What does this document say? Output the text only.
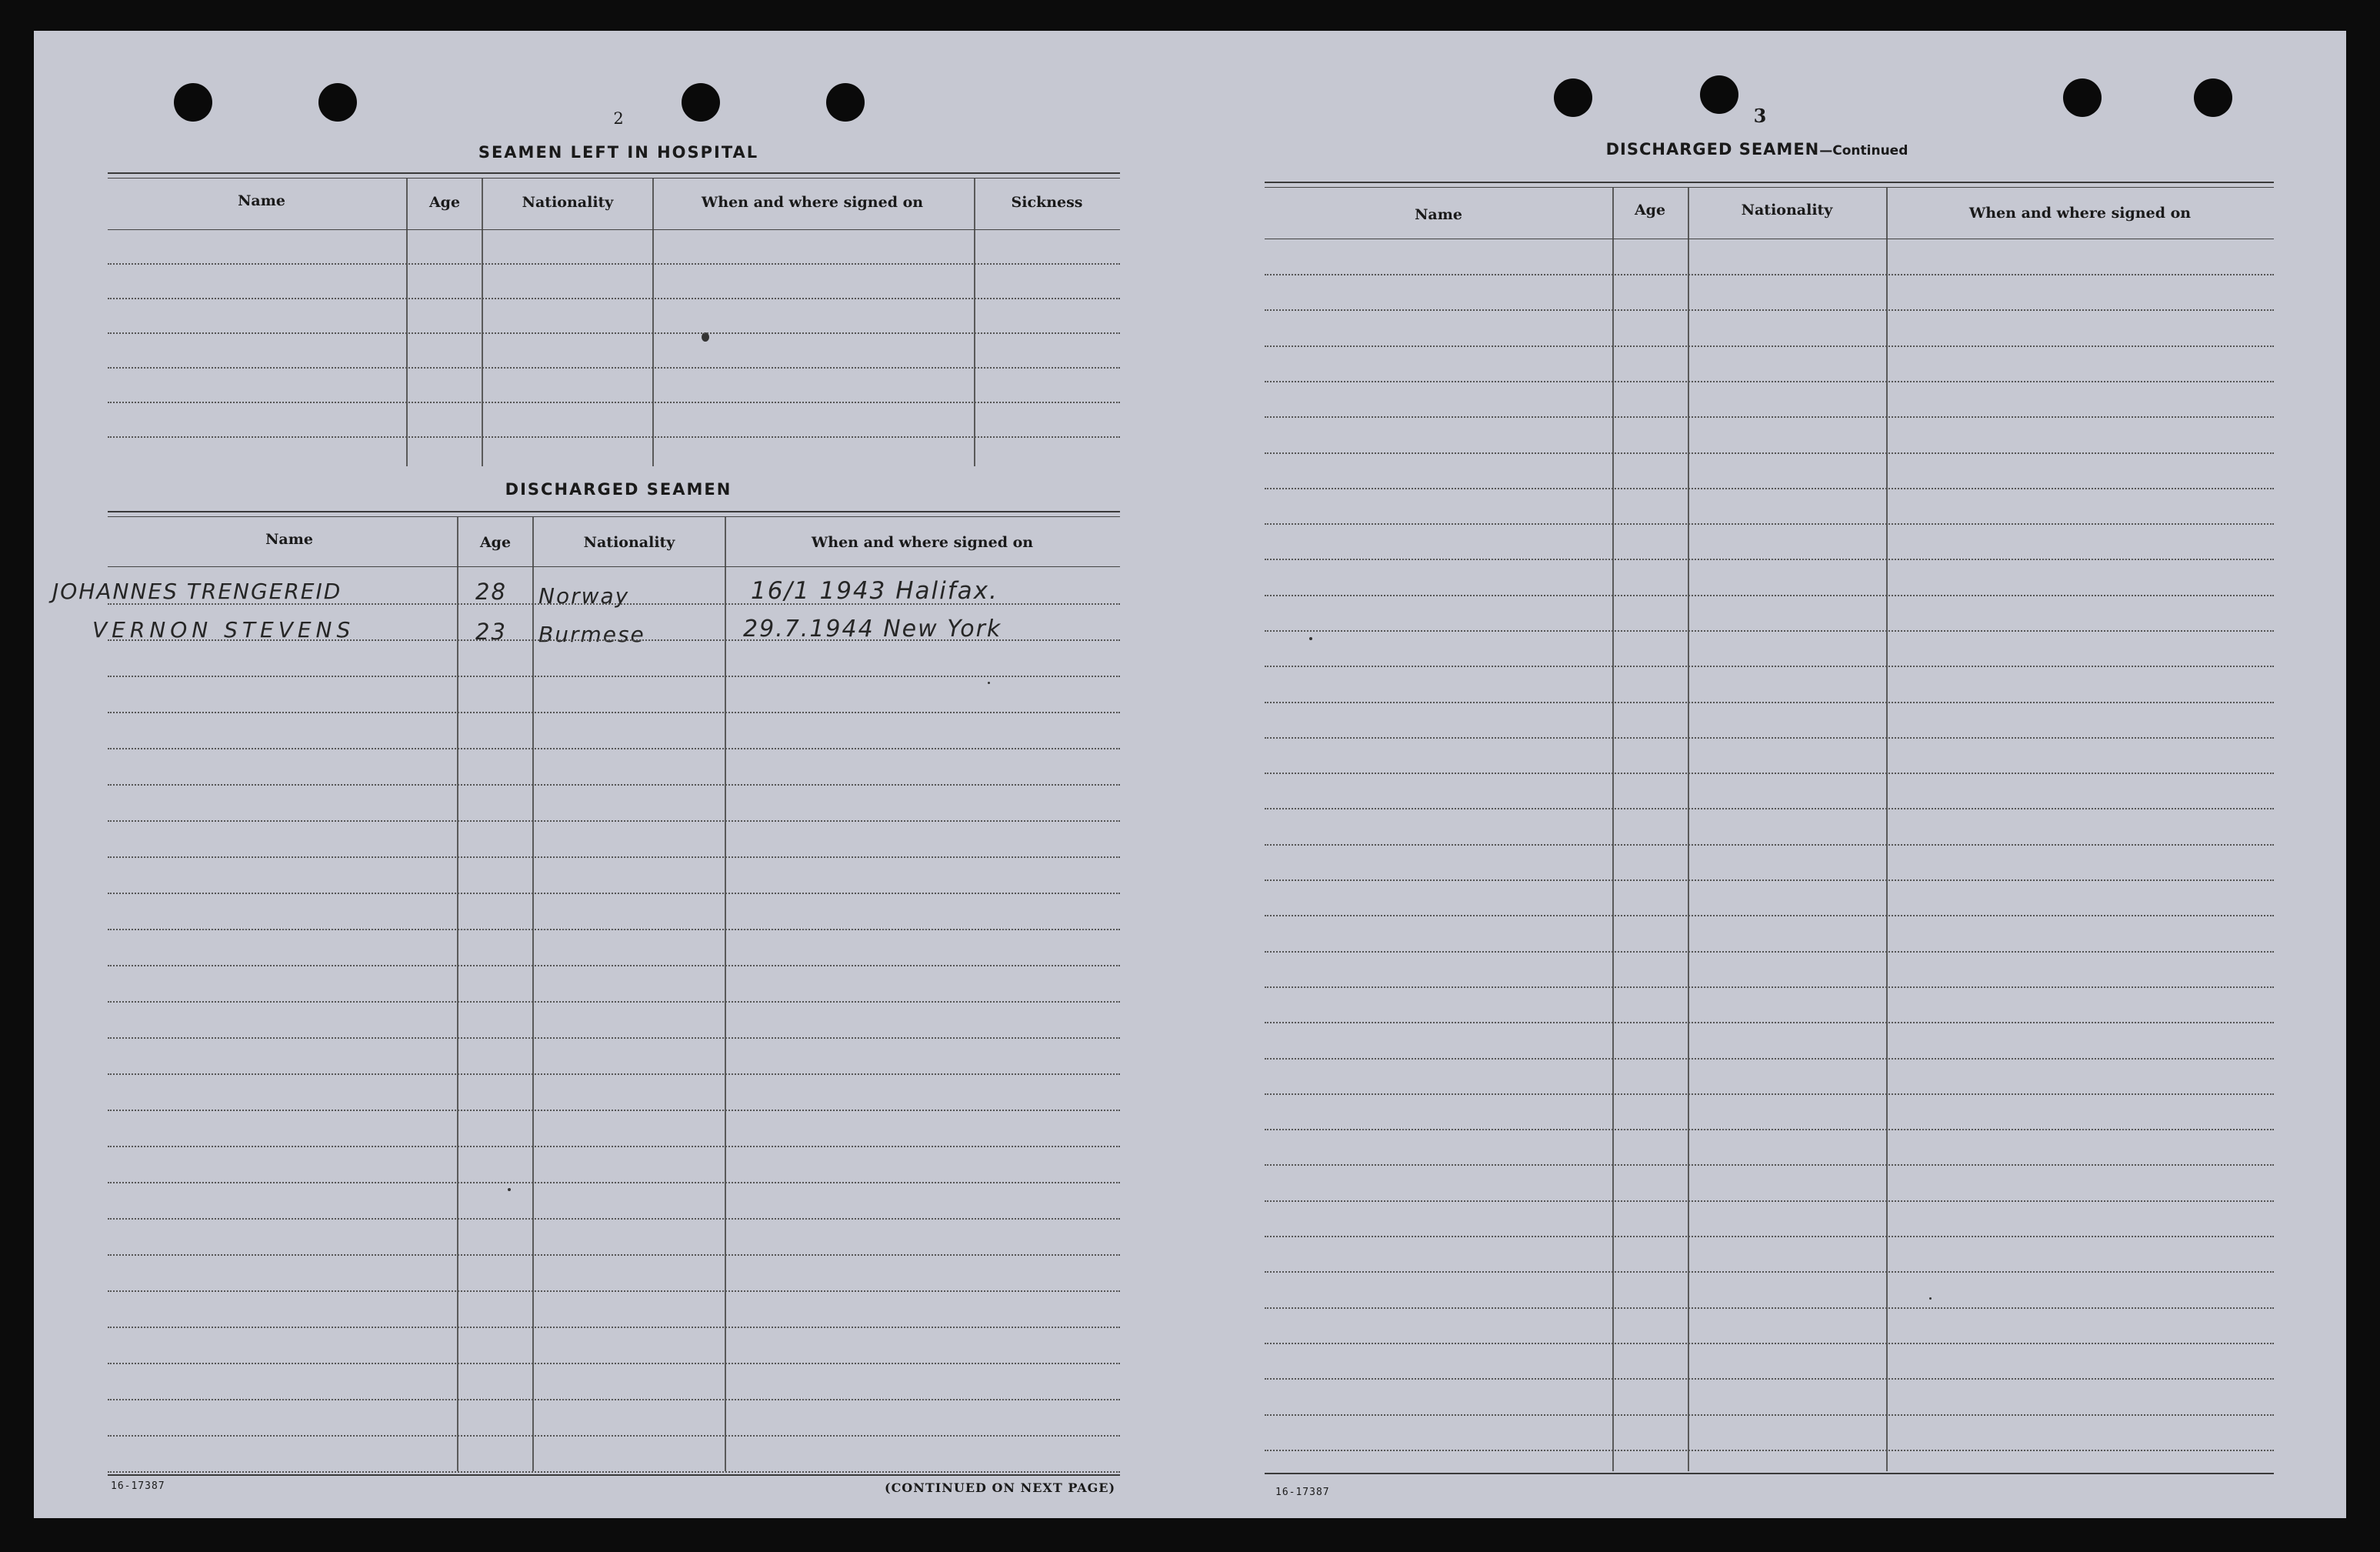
2
SEAMEN LEFT IN HOSPITAL
Name	Age	Nationality	When and where signed on	Sickness
DISCHARGED SEAMEN
Name	Age	Nationality	When and where signed on
JOHANNES TRENGEREID	28 Norway	16/1 1943 Halifax.
VERNON STEVENS	23 Burmese	29.7.1944 New York
16-17387	(CONTINUED ON NEXT PAGE)
3
DISCHARGED SEAMEN—Continued
Name	Age	Nationality	When and where signed on
16-17387
